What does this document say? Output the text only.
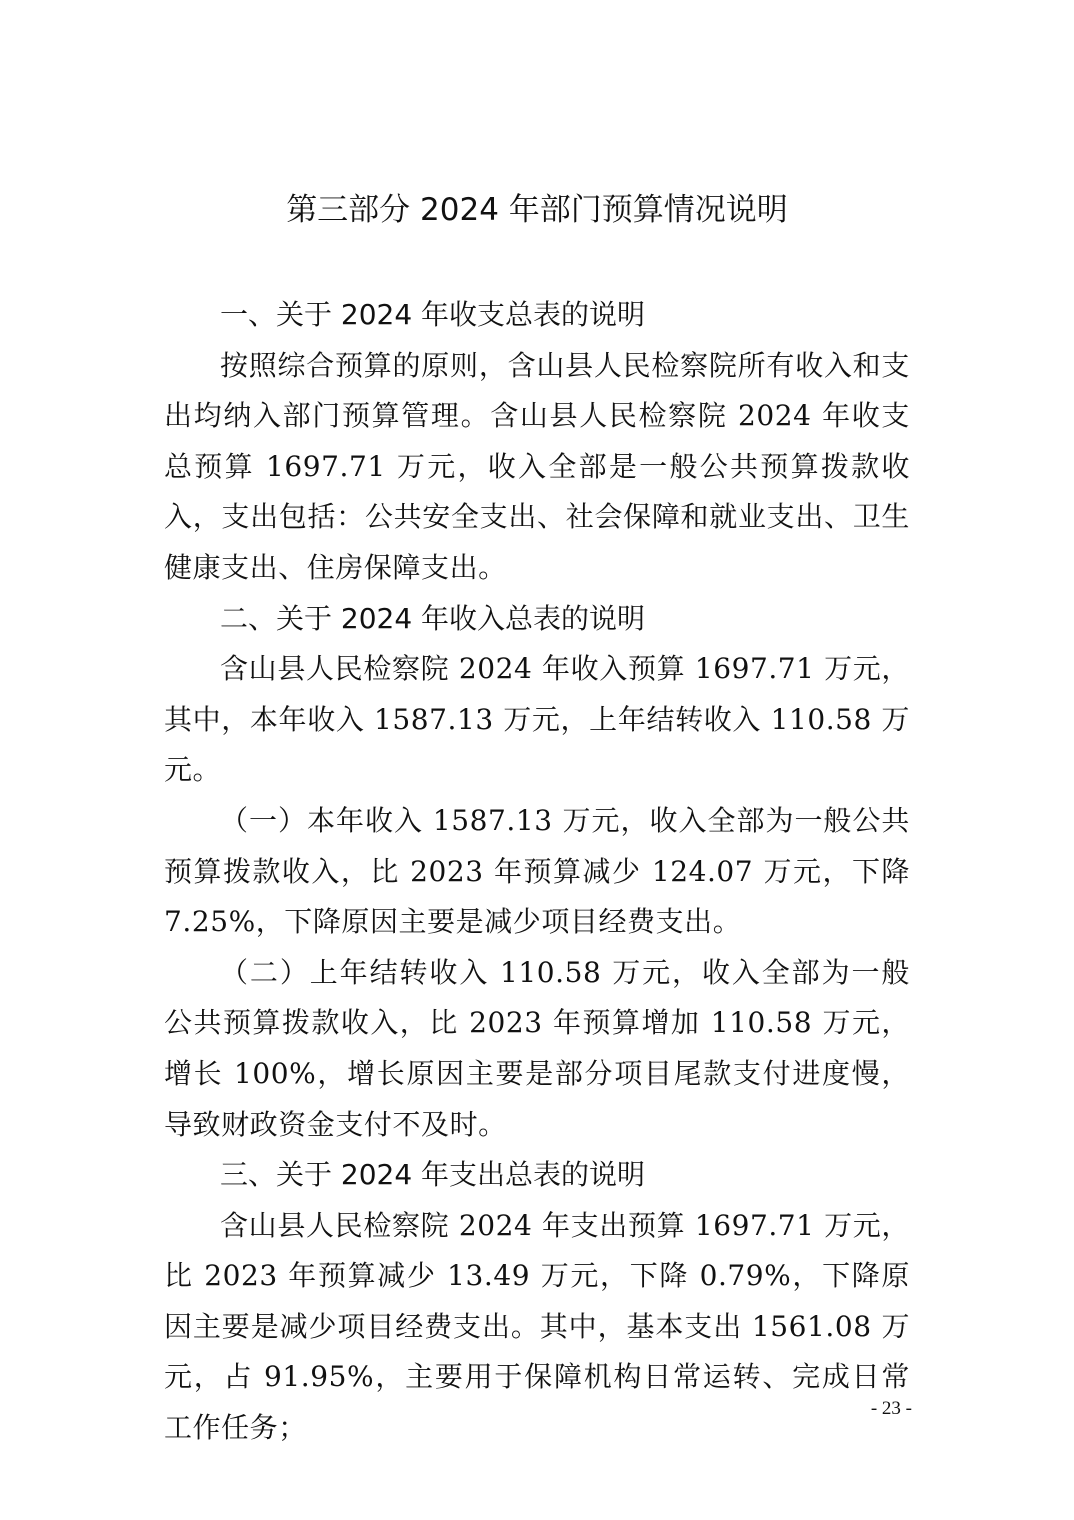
第三部分 2024 年部门预算情况说明

一、关于 2024 年收支总表的说明

按照综合预算的原则，含山县人民检察院所有收入和支出均纳入部门预算管理。含山县人民检察院 2024 年收支总预算 1697.71 万元，收入全部是一般公共预算拨款收入，支出包括：公共安全支出、社会保障和就业支出、卫生健康支出、住房保障支出。

二、关于 2024 年收入总表的说明

含山县人民检察院 2024 年收入预算 1697.71 万元，其中，本年收入 1587.13 万元，上年结转收入 110.58 万元。

（一）本年收入 1587.13 万元，收入全部为一般公共预算拨款收入，比 2023 年预算减少 124.07 万元，下降 7.25%，下降原因主要是减少项目经费支出。

（二）上年结转收入 110.58 万元，收入全部为一般公共预算拨款收入，比 2023 年预算增加 110.58 万元，增长 100%，增长原因主要是部分项目尾款支付进度慢，导致财政资金支付不及时。

三、关于 2024 年支出总表的说明

含山县人民检察院 2024 年支出预算 1697.71 万元，比 2023 年预算减少 13.49 万元，下降 0.79%，下降原因主要是减少项目经费支出。其中，基本支出 1561.08 万元，占 91.95%，主要用于保障机构日常运转、完成日常工作任务；

- 23 -
